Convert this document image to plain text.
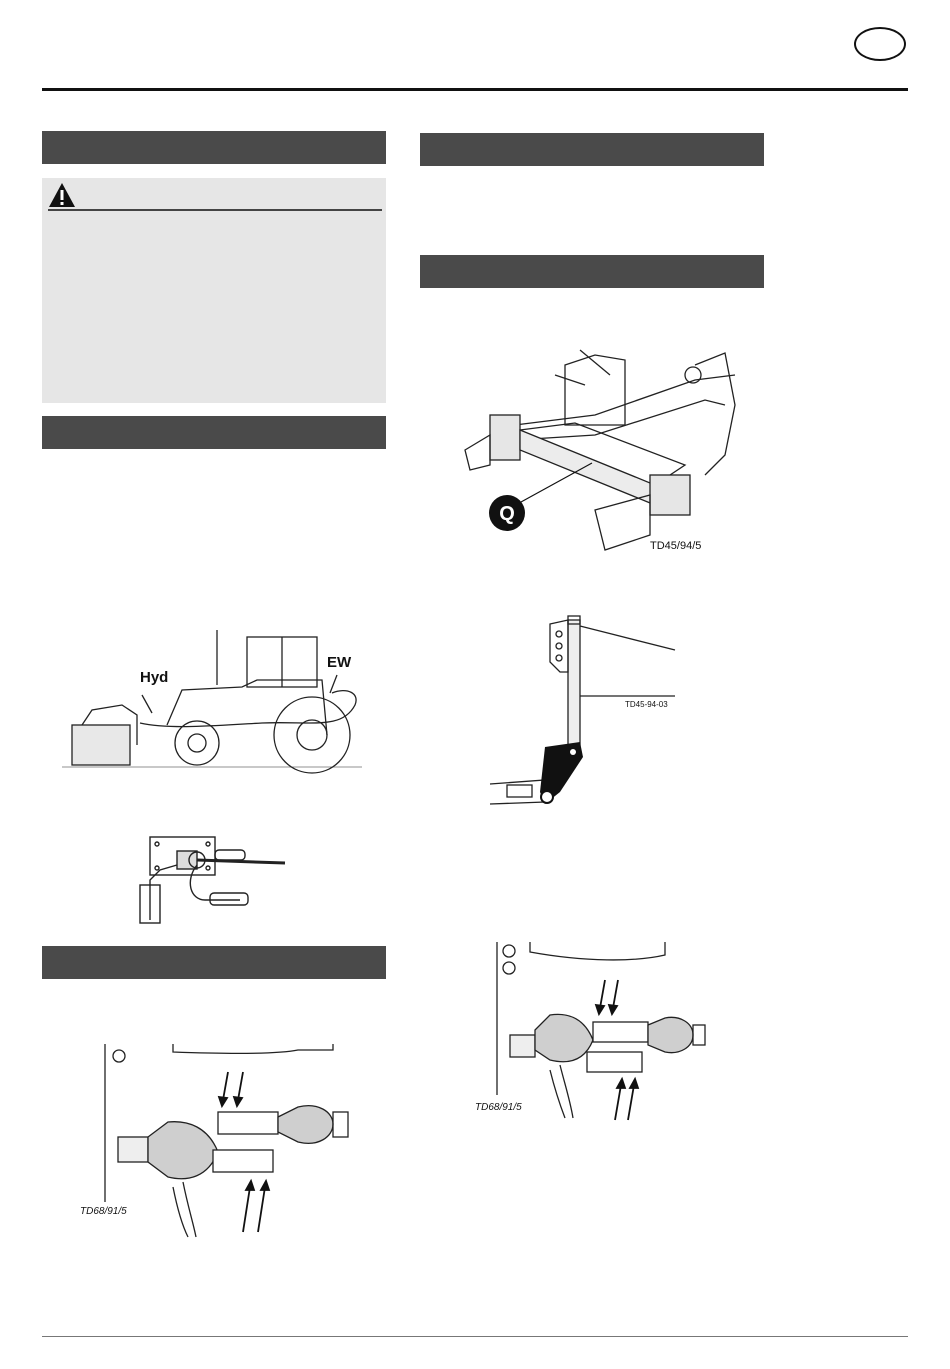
Hyd
EW
TD68/91/5
Q
TD45/94/5
TD45-94-03
TD68/91/5
